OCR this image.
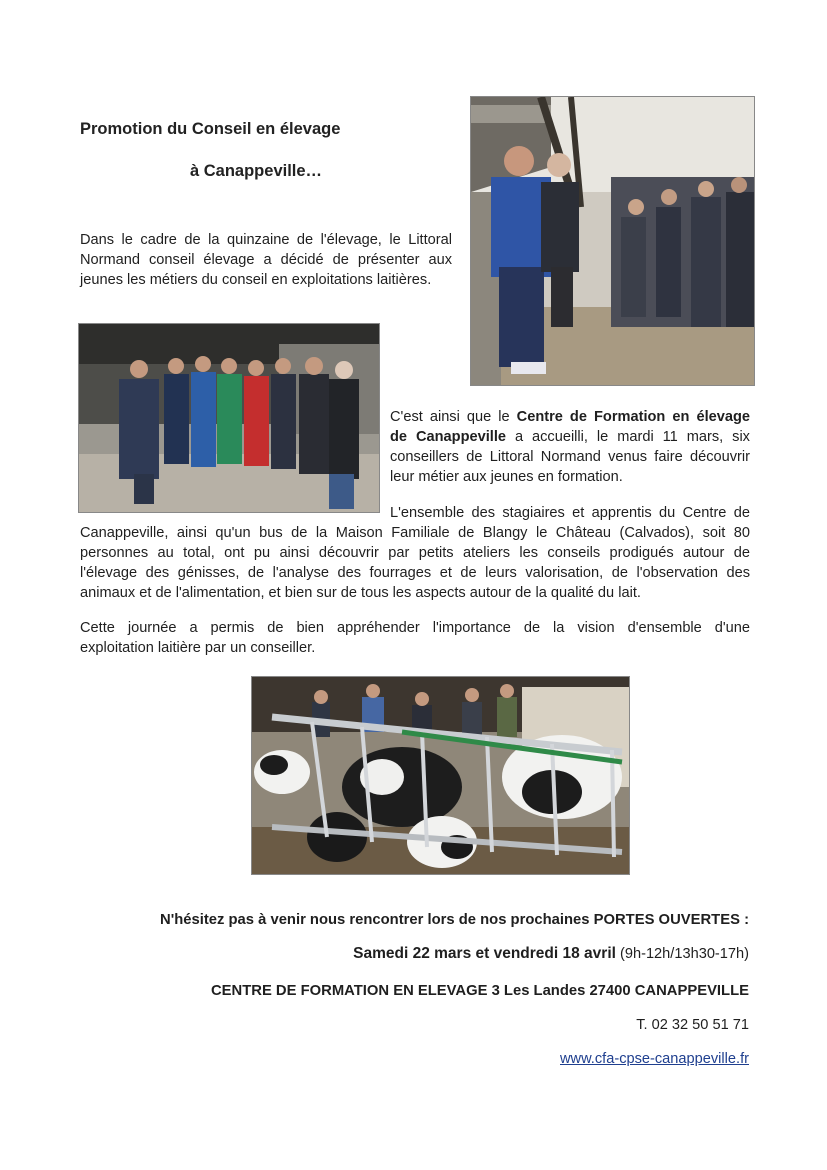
Promotion du Conseil en élevage
à Canappeville…
Dans le cadre de la quinzaine de l'élevage, le Littoral
Normand conseil élevage a décidé de présenter aux
jeunes les métiers du conseil en exploitations laitières.
C'est ainsi que le Centre de Formation en élevage
de Canappeville a accueilli, le mardi 11 mars, six
conseillers de Littoral Normand venus faire découvrir
leur métier aux jeunes en formation.
L'ensemble des stagiaires et apprentis du Centre de
Canappeville, ainsi qu'un bus de la Maison Familiale de Blangy le Château (Calvados), soit 80
personnes au total, ont pu ainsi découvrir par petits ateliers les conseils prodigués autour de
l'élevage des génisses, de l'analyse des fourrages et de leurs valorisation, de l'observation des
animaux et de l'alimentation, et bien sur de tous les aspects autour de la qualité du lait.
Cette journée a permis de bien appréhender l'importance de la vision d'ensemble d'une
exploitation laitière par un conseiller.
N'hésitez pas à venir nous rencontrer lors de nos prochaines PORTES OUVERTES :
Samedi 22 mars et vendredi 18 avril (9h-12h/13h30-17h)
CENTRE DE FORMATION EN ELEVAGE 3 Les Landes 27400 CANAPPEVILLE
T. 02 32 50 51 71
www.cfa-cpse-canappeville.fr
